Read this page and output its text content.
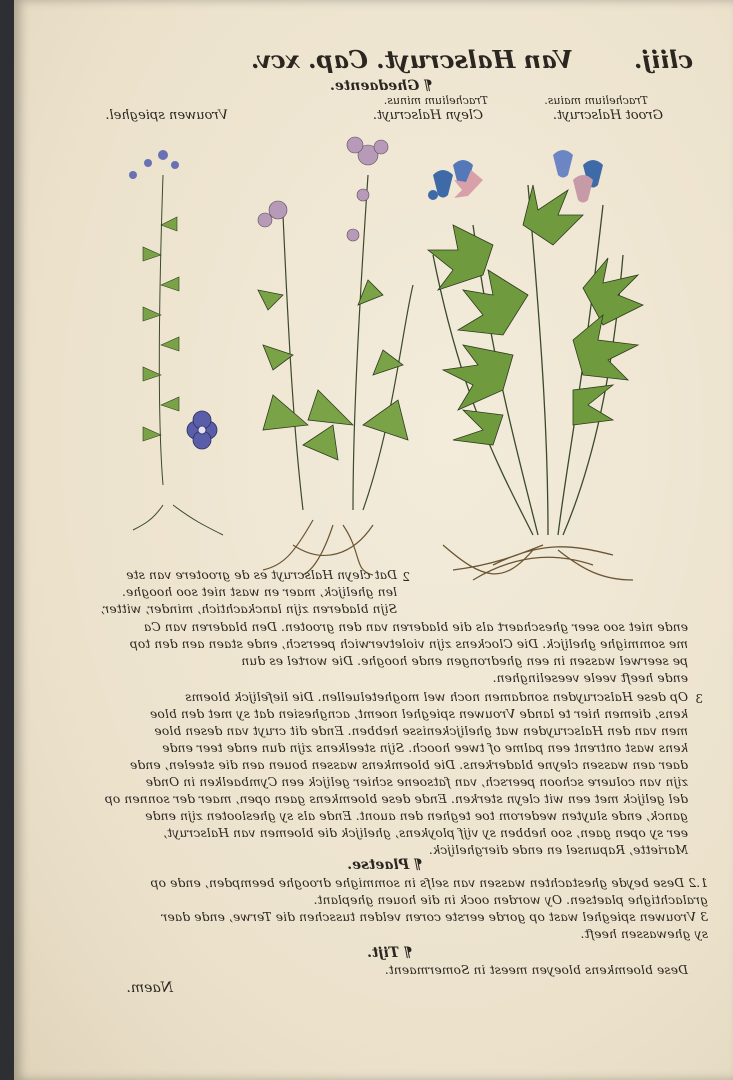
cliij.
Van Halscruyt. Cap. xcv.
¶ Ghedaente.
Trachelium maius.
Groot Halscruyt.
Trachelium minus.
Cleyn Halscruyt.
Vrouwen spieghel.
2
Dat cleyn Halscruyt es de grootere van ste
len ghelijck, maer en wast niet soo hooghe.
Sijn bladeren zijn lanckachtich, minder, witter,
ende niet soo seer gheschaert als die bladeren van den grooten. Den bladeren van Ca
me sommighe ghelijck. Die Clockens zijn violetverwich peersch, ende staen aen den top
pe seerwel wassen in een ghedrongen ende hooghe. Die wortel es dun
ende heeft veele veeselinghen.
3
Op dese Halscruyden sondamen noch wel mogheteluellen. Die liefelijck bloems
kens, diemen hier te lande Vrouwen spieghel noemt, acnghesien dat sy met den bloe
men van den Halscruyden wat ghelijckenisse hebben. Ende dit cruyt van desen bloe
kens wast ontrent een palme of twee hooch. Sijn steelkens zijn dun ende teer ende
daer aen wassen cleyne bladerkens. Die bloemkens wassen bouen aen die steelen, ende
zijn van coluere schoon peersch, van fatsoene schier gelijck een Cymbaelken in Onde
del gelijck met een wit cleyn sterken. Ende dese bloemkens gaen open, maer der sonnen op
ganck, ende sluyten wederom toe teghen den auont. Ende als sy gheslooten zijn ende
eer sy open gaen, soo hebben sy vijf ploykens, ghelijck die bloemen van Halscruyt,
Mariette, Rapunsel en ende dierghelijck.
¶ Plaetse.
1.2 Dese beyde ghestachten wassen van selfs in sommighe drooghe beempden, ende op
gralachtighe plaetsen. Oy worden oock in die houen gheplant.
3 Vrouwen spieghel wast op gorde eerste coren velden tusschen die Terwe, ende daer
sy ghewassen heeft.
¶ Tijt.
Dese bloemkens bloeyen meest in Somermaent.
Naem.
